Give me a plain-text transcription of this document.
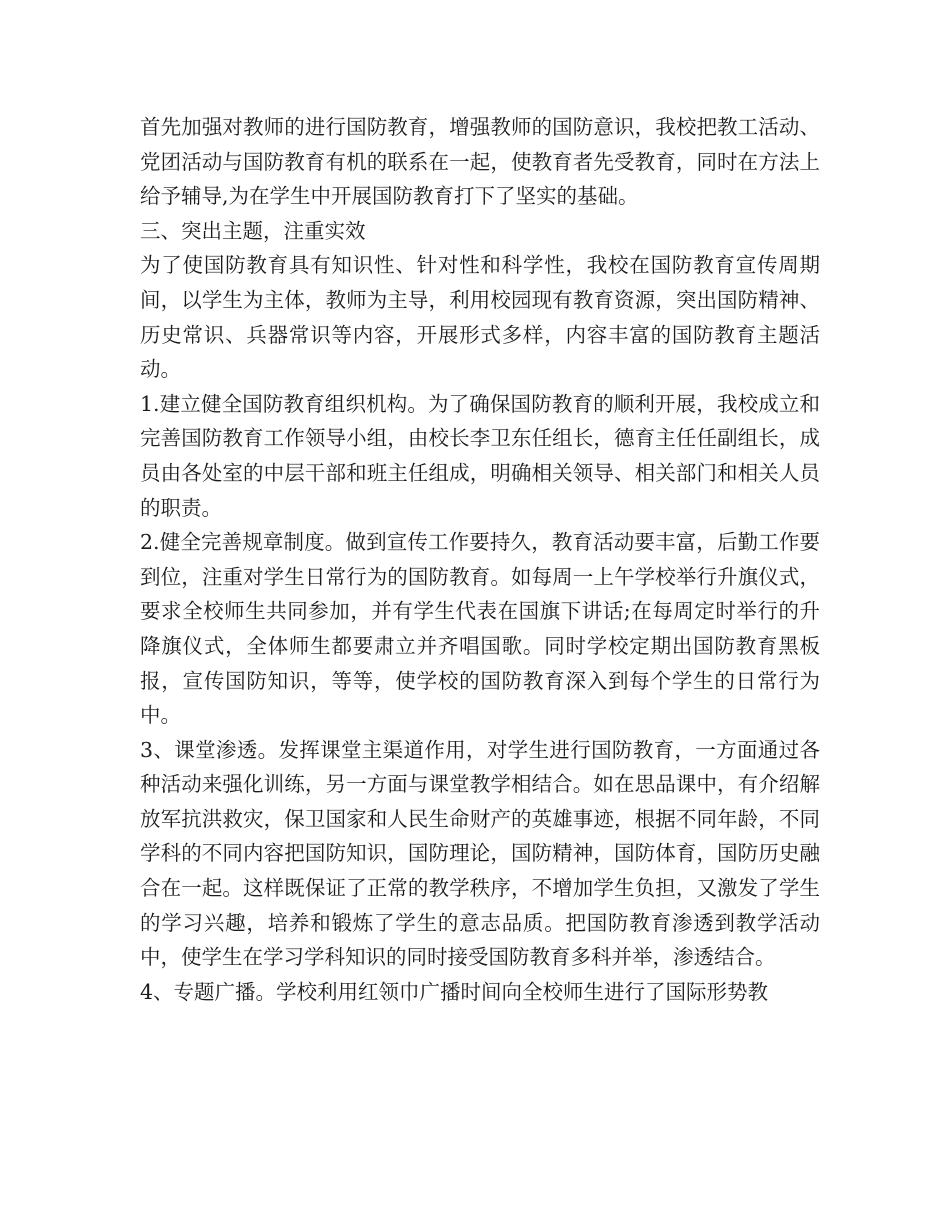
首先加强对教师的进行国防教育，增强教师的国防意识，我校把教工活动、党团活动与国防教育有机的联系在一起，使教育者先受教育，同时在方法上给予辅导,为在学生中开展国防教育打下了坚实的基础。

三、突出主题，注重实效

为了使国防教育具有知识性、针对性和科学性，我校在国防教育宣传周期间，以学生为主体，教师为主导，利用校园现有教育资源，突出国防精神、历史常识、兵器常识等内容，开展形式多样，内容丰富的国防教育主题活动。

1.建立健全国防教育组织机构。为了确保国防教育的顺利开展，我校成立和完善国防教育工作领导小组，由校长李卫东任组长，德育主任任副组长，成员由各处室的中层干部和班主任组成，明确相关领导、相关部门和相关人员的职责。

2.健全完善规章制度。做到宣传工作要持久，教育活动要丰富，后勤工作要到位，注重对学生日常行为的国防教育。如每周一上午学校举行升旗仪式，要求全校师生共同参加，并有学生代表在国旗下讲话;在每周定时举行的升降旗仪式，全体师生都要肃立并齐唱国歌。同时学校定期出国防教育黑板报，宣传国防知识，等等，使学校的国防教育深入到每个学生的日常行为中。

3、课堂渗透。发挥课堂主渠道作用，对学生进行国防教育，一方面通过各种活动来强化训练，另一方面与课堂教学相结合。如在思品课中，有介绍解放军抗洪救灾，保卫国家和人民生命财产的英雄事迹，根据不同年龄，不同学科的不同内容把国防知识，国防理论，国防精神，国防体育，国防历史融合在一起。这样既保证了正常的教学秩序，不增加学生负担，又激发了学生的学习兴趣，培养和锻炼了学生的意志品质。把国防教育渗透到教学活动中，使学生在学习学科知识的同时接受国防教育多科并举，渗透结合。

4、专题广播。学校利用红领巾广播时间向全校师生进行了国际形势教
